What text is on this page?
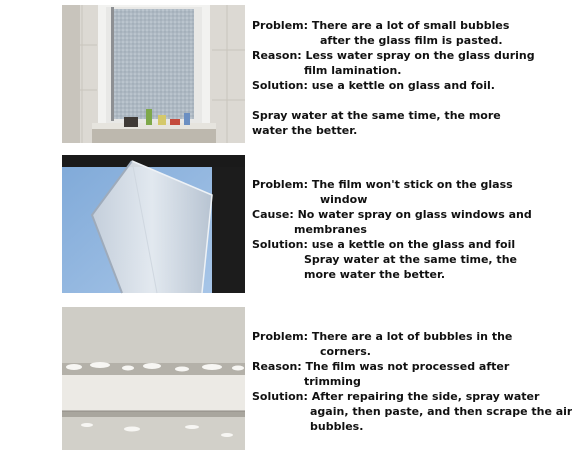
Problem: There are a lot of small bubbles
after the glass film is pasted.
Reason: Less water spray on the glass during
film lamination.
Solution: use a kettle on glass and foil.
Spray water at the same time, the more
water the better.
Problem: The film won't stick on the glass
window
Cause: No water spray on glass windows and
membranes
Solution: use a kettle on the glass and foil
Spray water at the same time, the
more water the better.
Problem: There are a lot of bubbles in the
corners.
Reason: The film was not processed after
trimming
Solution: After repairing the side, spray water
again, then paste, and then scrape the air
bubbles.
